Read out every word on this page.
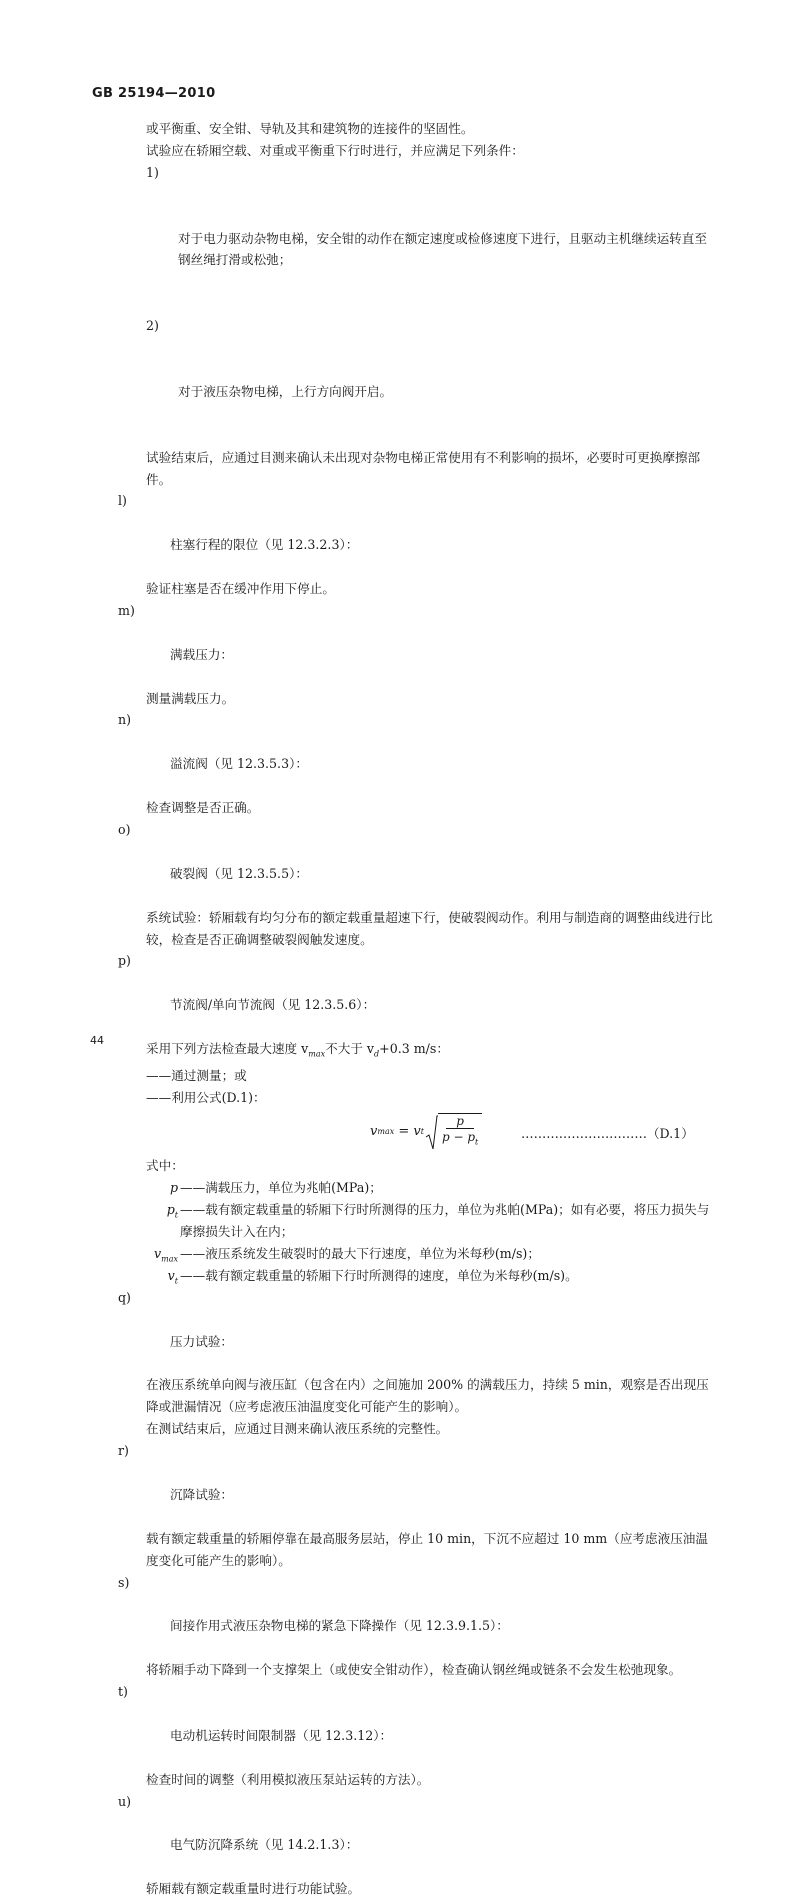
GB 25194—2010

或平衡重、安全钳、导轨及其和建筑物的连接件的坚固性。

试验应在轿厢空载、对重或平衡重下行时进行，并应满足下列条件：

1)

对于电力驱动杂物电梯，安全钳的动作在额定速度或检修速度下进行，且驱动主机继续运转直至钢丝绳打滑或松弛；

2)

对于液压杂物电梯，上行方向阀开启。

试验结束后，应通过目测来确认未出现对杂物电梯正常使用有不利影响的损坏，必要时可更换摩擦部件。

l)

柱塞行程的限位（见 12.3.2.3）：

验证柱塞是否在缓冲作用下停止。

m)

满载压力：

测量满载压力。

n)

溢流阀（见 12.3.5.3）：

检查调整是否正确。

o)

破裂阀（见 12.3.5.5）：

系统试验：轿厢载有均匀分布的额定载重量超速下行，使破裂阀动作。利用与制造商的调整曲线进行比较，检查是否正确调整破裂阀触发速度。

p)

节流阀/单向节流阀（见 12.3.5.6）：

采用下列方法检查最大速度 $v_{max}$不大于 $v_d+0.3$ m/s：

——通过测量；或

——利用公式(D.1)：

v max = v t $\frac{p}{p - p_t}$	…………………………（D.1）

式中：

p ——满载压力，单位为兆帕(MPa)；
$p_t$ ——载有额定载重量的轿厢下行时所测得的压力，单位为兆帕(MPa)；如有必要，将压力损失与摩擦损失计入在内；
$v_{max}$ ——液压系统发生破裂时的最大下行速度，单位为米每秒(m/s)；
$v_t$ ——载有额定载重量的轿厢下行时所测得的速度，单位为米每秒(m/s)。

q)

压力试验：

在液压系统单向阀与液压缸（包含在内）之间施加 200% 的满载压力，持续 5 min，观察是否出现压降或泄漏情况（应考虑液压油温度变化可能产生的影响）。

在测试结束后，应通过目测来确认液压系统的完整性。

r)

沉降试验：

载有额定载重量的轿厢停靠在最高服务层站，停止 10 min，下沉不应超过 10 mm（应考虑液压油温度变化可能产生的影响）。

s)

间接作用式液压杂物电梯的紧急下降操作（见 12.3.9.1.5）：

将轿厢手动下降到一个支撑架上（或使安全钳动作），检查确认钢丝绳或链条不会发生松弛现象。

t)

电动机运转时间限制器（见 12.3.12）：

检查时间的调整（利用模拟液压泵站运转的方法）。

u)

电气防沉降系统（见 14.2.1.3）：

轿厢载有额定载重量时进行功能试验。

44
